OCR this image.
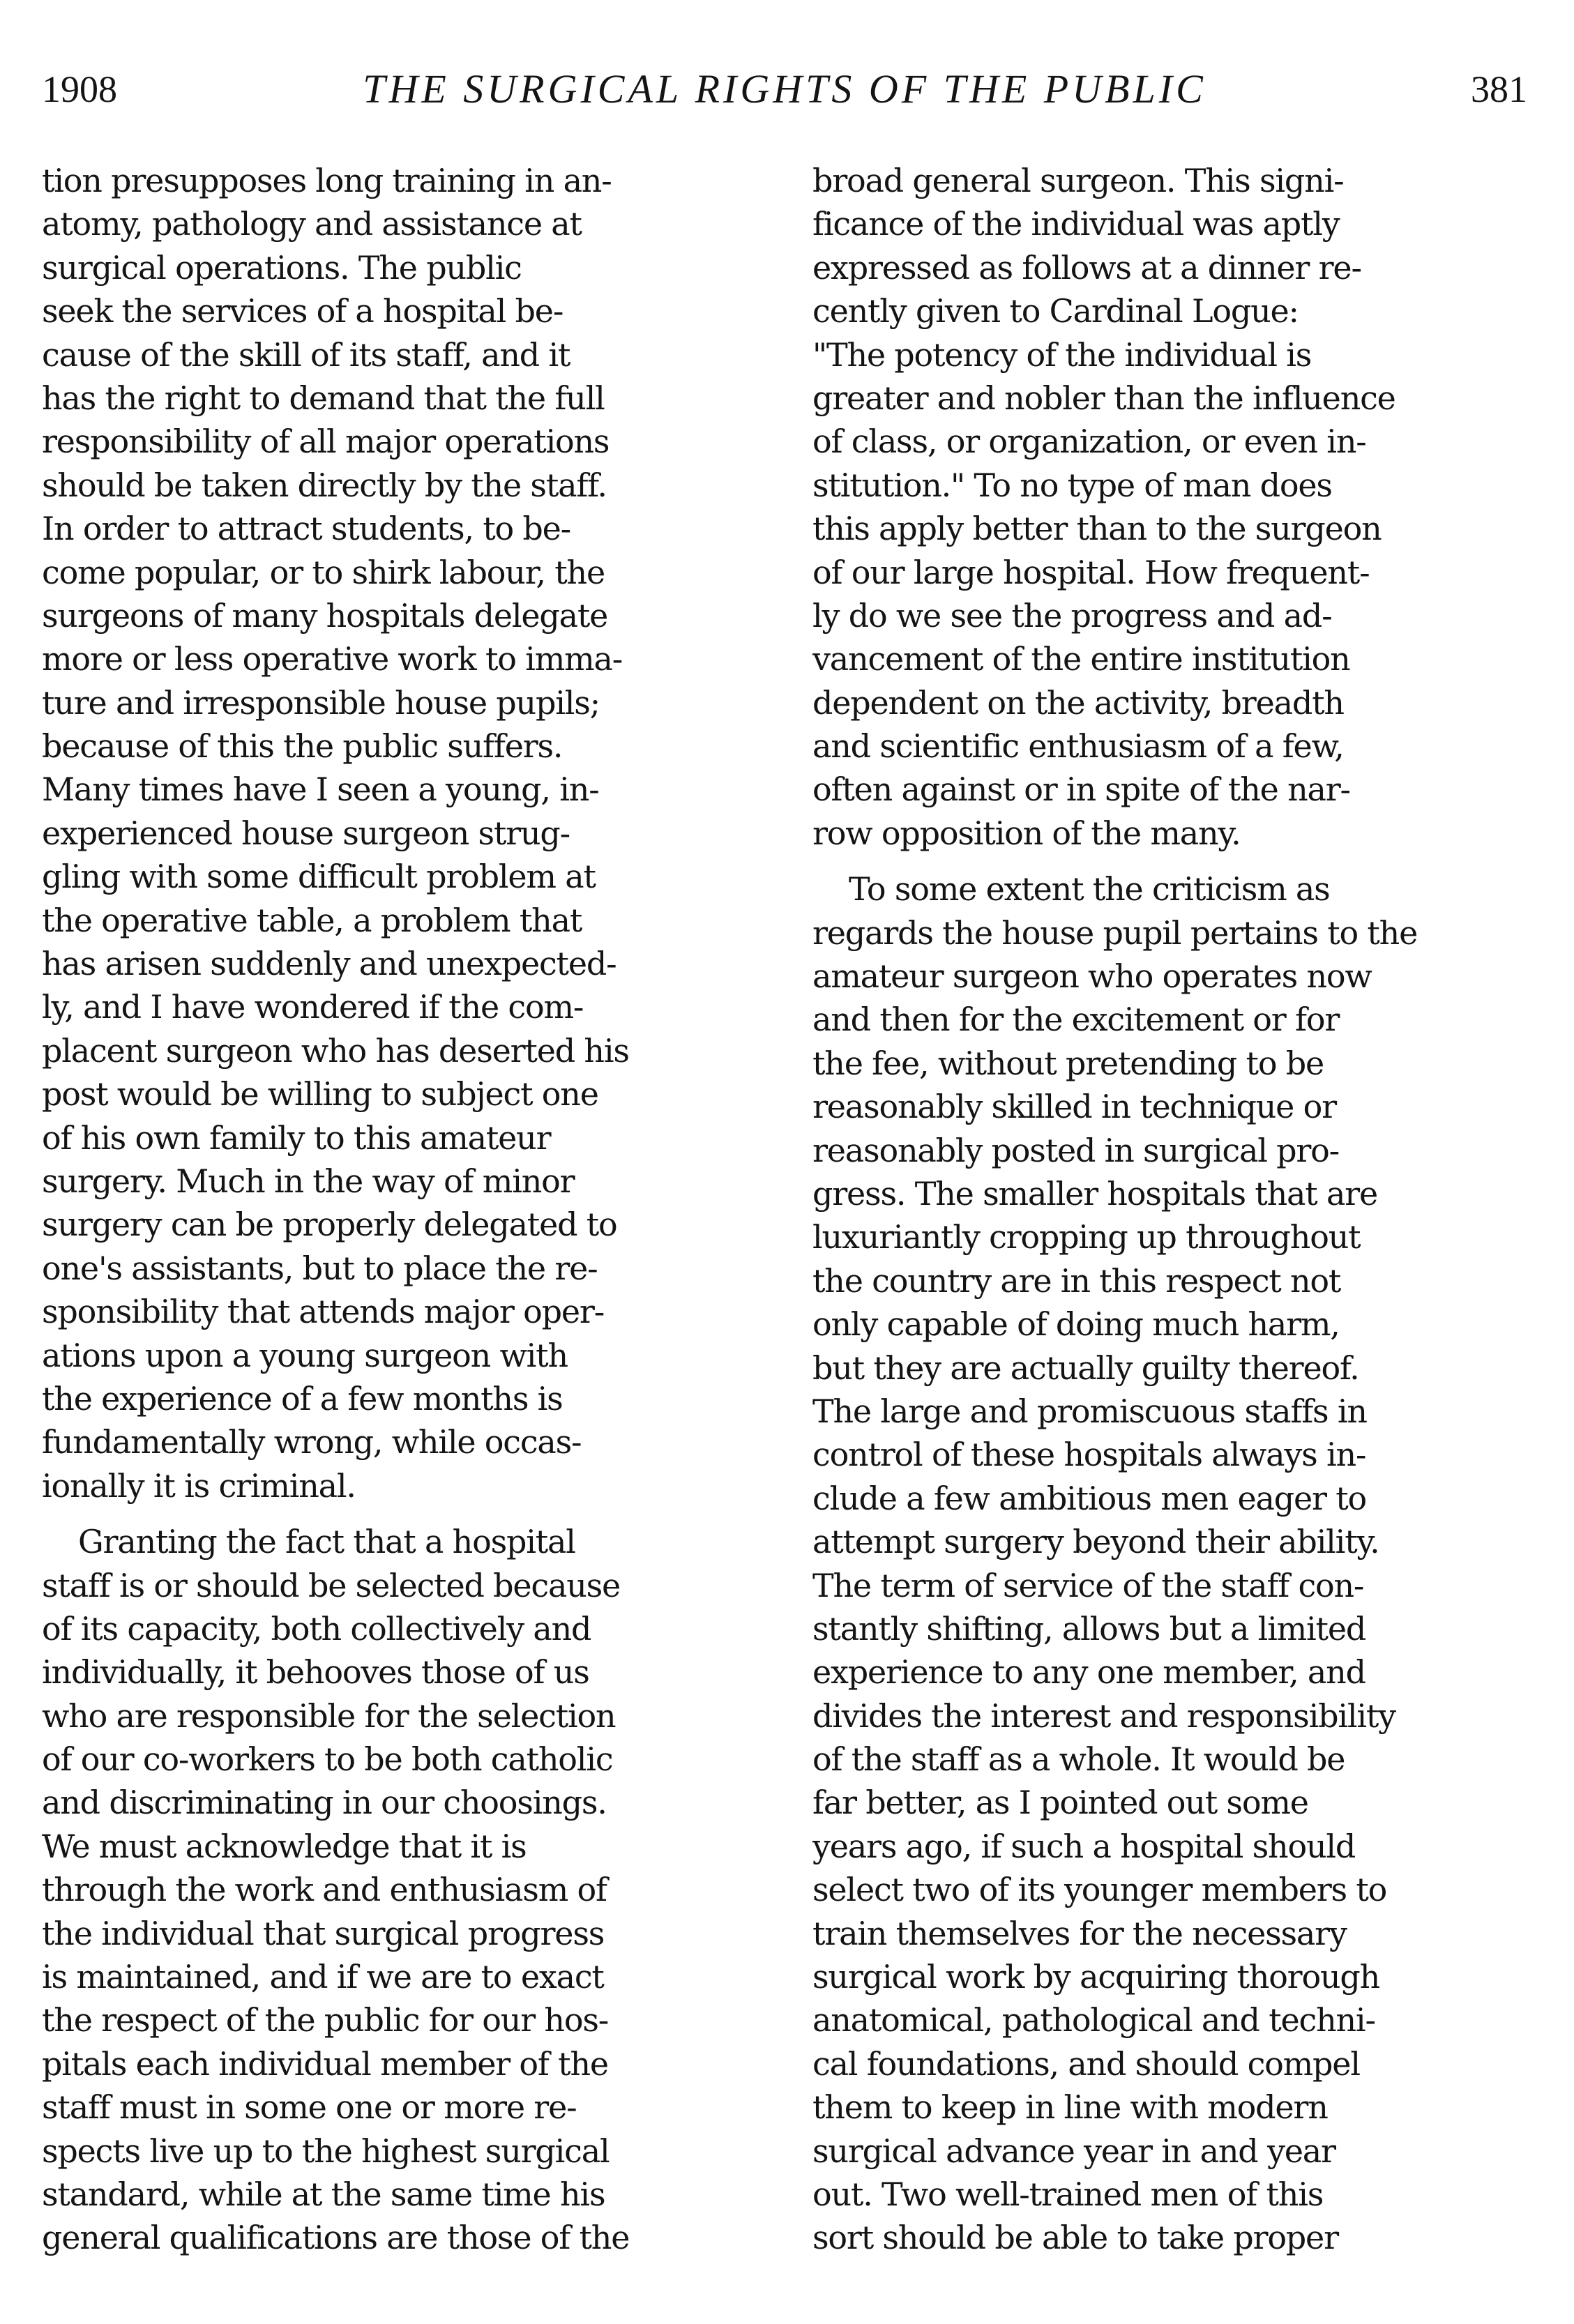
1908	THE SURGICAL RIGHTS OF THE PUBLIC	381
tion presupposes long training in an-
atomy, pathology and assistance at
surgical operations. The public
seek the services of a hospital be-
cause of the skill of its staff, and it
has the right to demand that the full
responsibility of all major operations
should be taken directly by the staff.
In order to attract students, to be-
come popular, or to shirk labour, the
surgeons of many hospitals delegate
more or less operative work to imma-
ture and irresponsible house pupils;
because of this the public suffers.
Many times have I seen a young, in-
experienced house surgeon strug-
gling with some difficult problem at
the operative table, a problem that
has arisen suddenly and unexpected-
ly, and I have wondered if the com-
placent surgeon who has deserted his
post would be willing to subject one
of his own family to this amateur
surgery. Much in the way of minor
surgery can be properly delegated to
one's assistants, but to place the re-
sponsibility that attends major oper-
ations upon a young surgeon with
the experience of a few months is
fundamentally wrong, while occas-
ionally it is criminal.
Granting the fact that a hospital
staff is or should be selected because
of its capacity, both collectively and
individually, it behooves those of us
who are responsible for the selection
of our co-workers to be both catholic
and discriminating in our choosings.
We must acknowledge that it is
through the work and enthusiasm of
the individual that surgical progress
is maintained, and if we are to exact
the respect of the public for our hos-
pitals each individual member of the
staff must in some one or more re-
spects live up to the highest surgical
standard, while at the same time his
general qualifications are those of the
broad general surgeon. This signi-
ficance of the individual was aptly
expressed as follows at a dinner re-
cently given to Cardinal Logue:
"The potency of the individual is
greater and nobler than the influence
of class, or organization, or even in-
stitution." To no type of man does
this apply better than to the surgeon
of our large hospital. How frequent-
ly do we see the progress and ad-
vancement of the entire institution
dependent on the activity, breadth
and scientific enthusiasm of a few,
often against or in spite of the nar-
row opposition of the many.
To some extent the criticism as
regards the house pupil pertains to the
amateur surgeon who operates now
and then for the excitement or for
the fee, without pretending to be
reasonably skilled in technique or
reasonably posted in surgical pro-
gress. The smaller hospitals that are
luxuriantly cropping up throughout
the country are in this respect not
only capable of doing much harm,
but they are actually guilty thereof.
The large and promiscuous staffs in
control of these hospitals always in-
clude a few ambitious men eager to
attempt surgery beyond their ability.
The term of service of the staff con-
stantly shifting, allows but a limited
experience to any one member, and
divides the interest and responsibility
of the staff as a whole. It would be
far better, as I pointed out some
years ago, if such a hospital should
select two of its younger members to
train themselves for the necessary
surgical work by acquiring thorough
anatomical, pathological and techni-
cal foundations, and should compel
them to keep in line with modern
surgical advance year in and year
out. Two well-trained men of this
sort should be able to take proper
